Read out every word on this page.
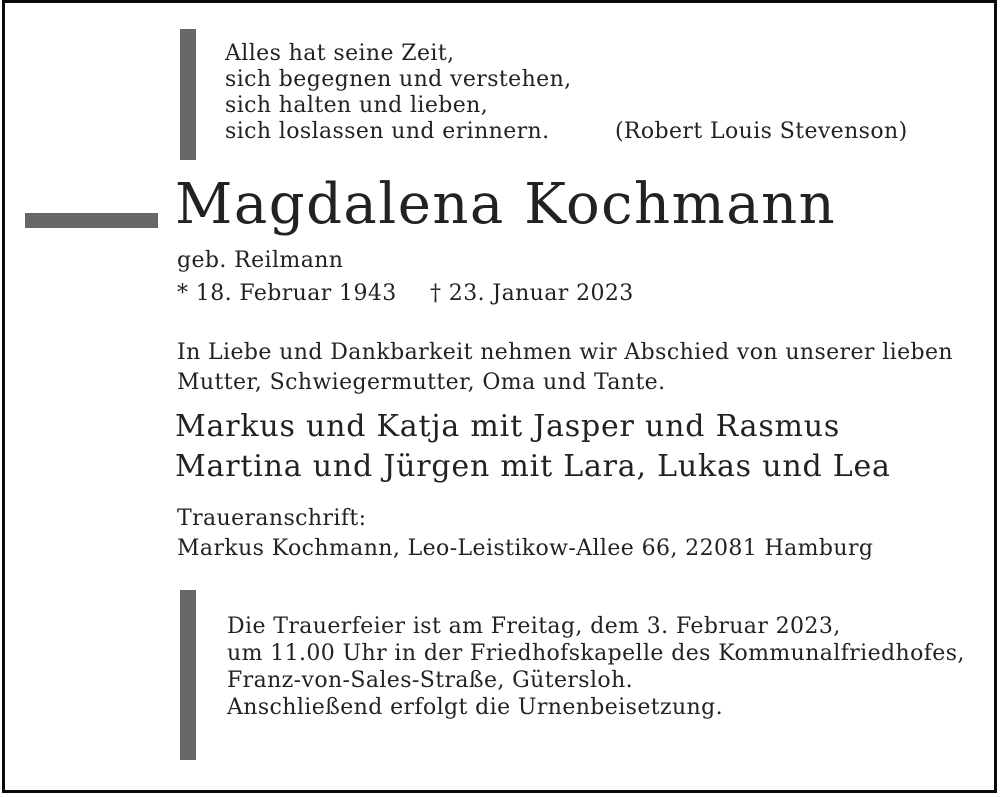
Alles hat seine Zeit,
sich begegnen und verstehen,
sich halten und lieben,
sich loslassen und erinnern.	(Robert Louis Stevenson)
Magdalena Kochmann
geb. Reilmann
* 18. Februar 1943 † 23. Januar 2023
In Liebe und Dankbarkeit nehmen wir Abschied von unserer lieben
Mutter, Schwiegermutter, Oma und Tante.
Markus und Katja mit Jasper und Rasmus
Martina und Jürgen mit Lara, Lukas und Lea
Traueranschrift:
Markus Kochmann, Leo-Leistikow-Allee 66, 22081 Hamburg
Die Trauerfeier ist am Freitag, dem 3. Februar 2023,
um 11.00 Uhr in der Friedhofskapelle des Kommunalfriedhofes,
Franz-von-Sales-Straße, Gütersloh.
Anschließend erfolgt die Urnenbeisetzung.
